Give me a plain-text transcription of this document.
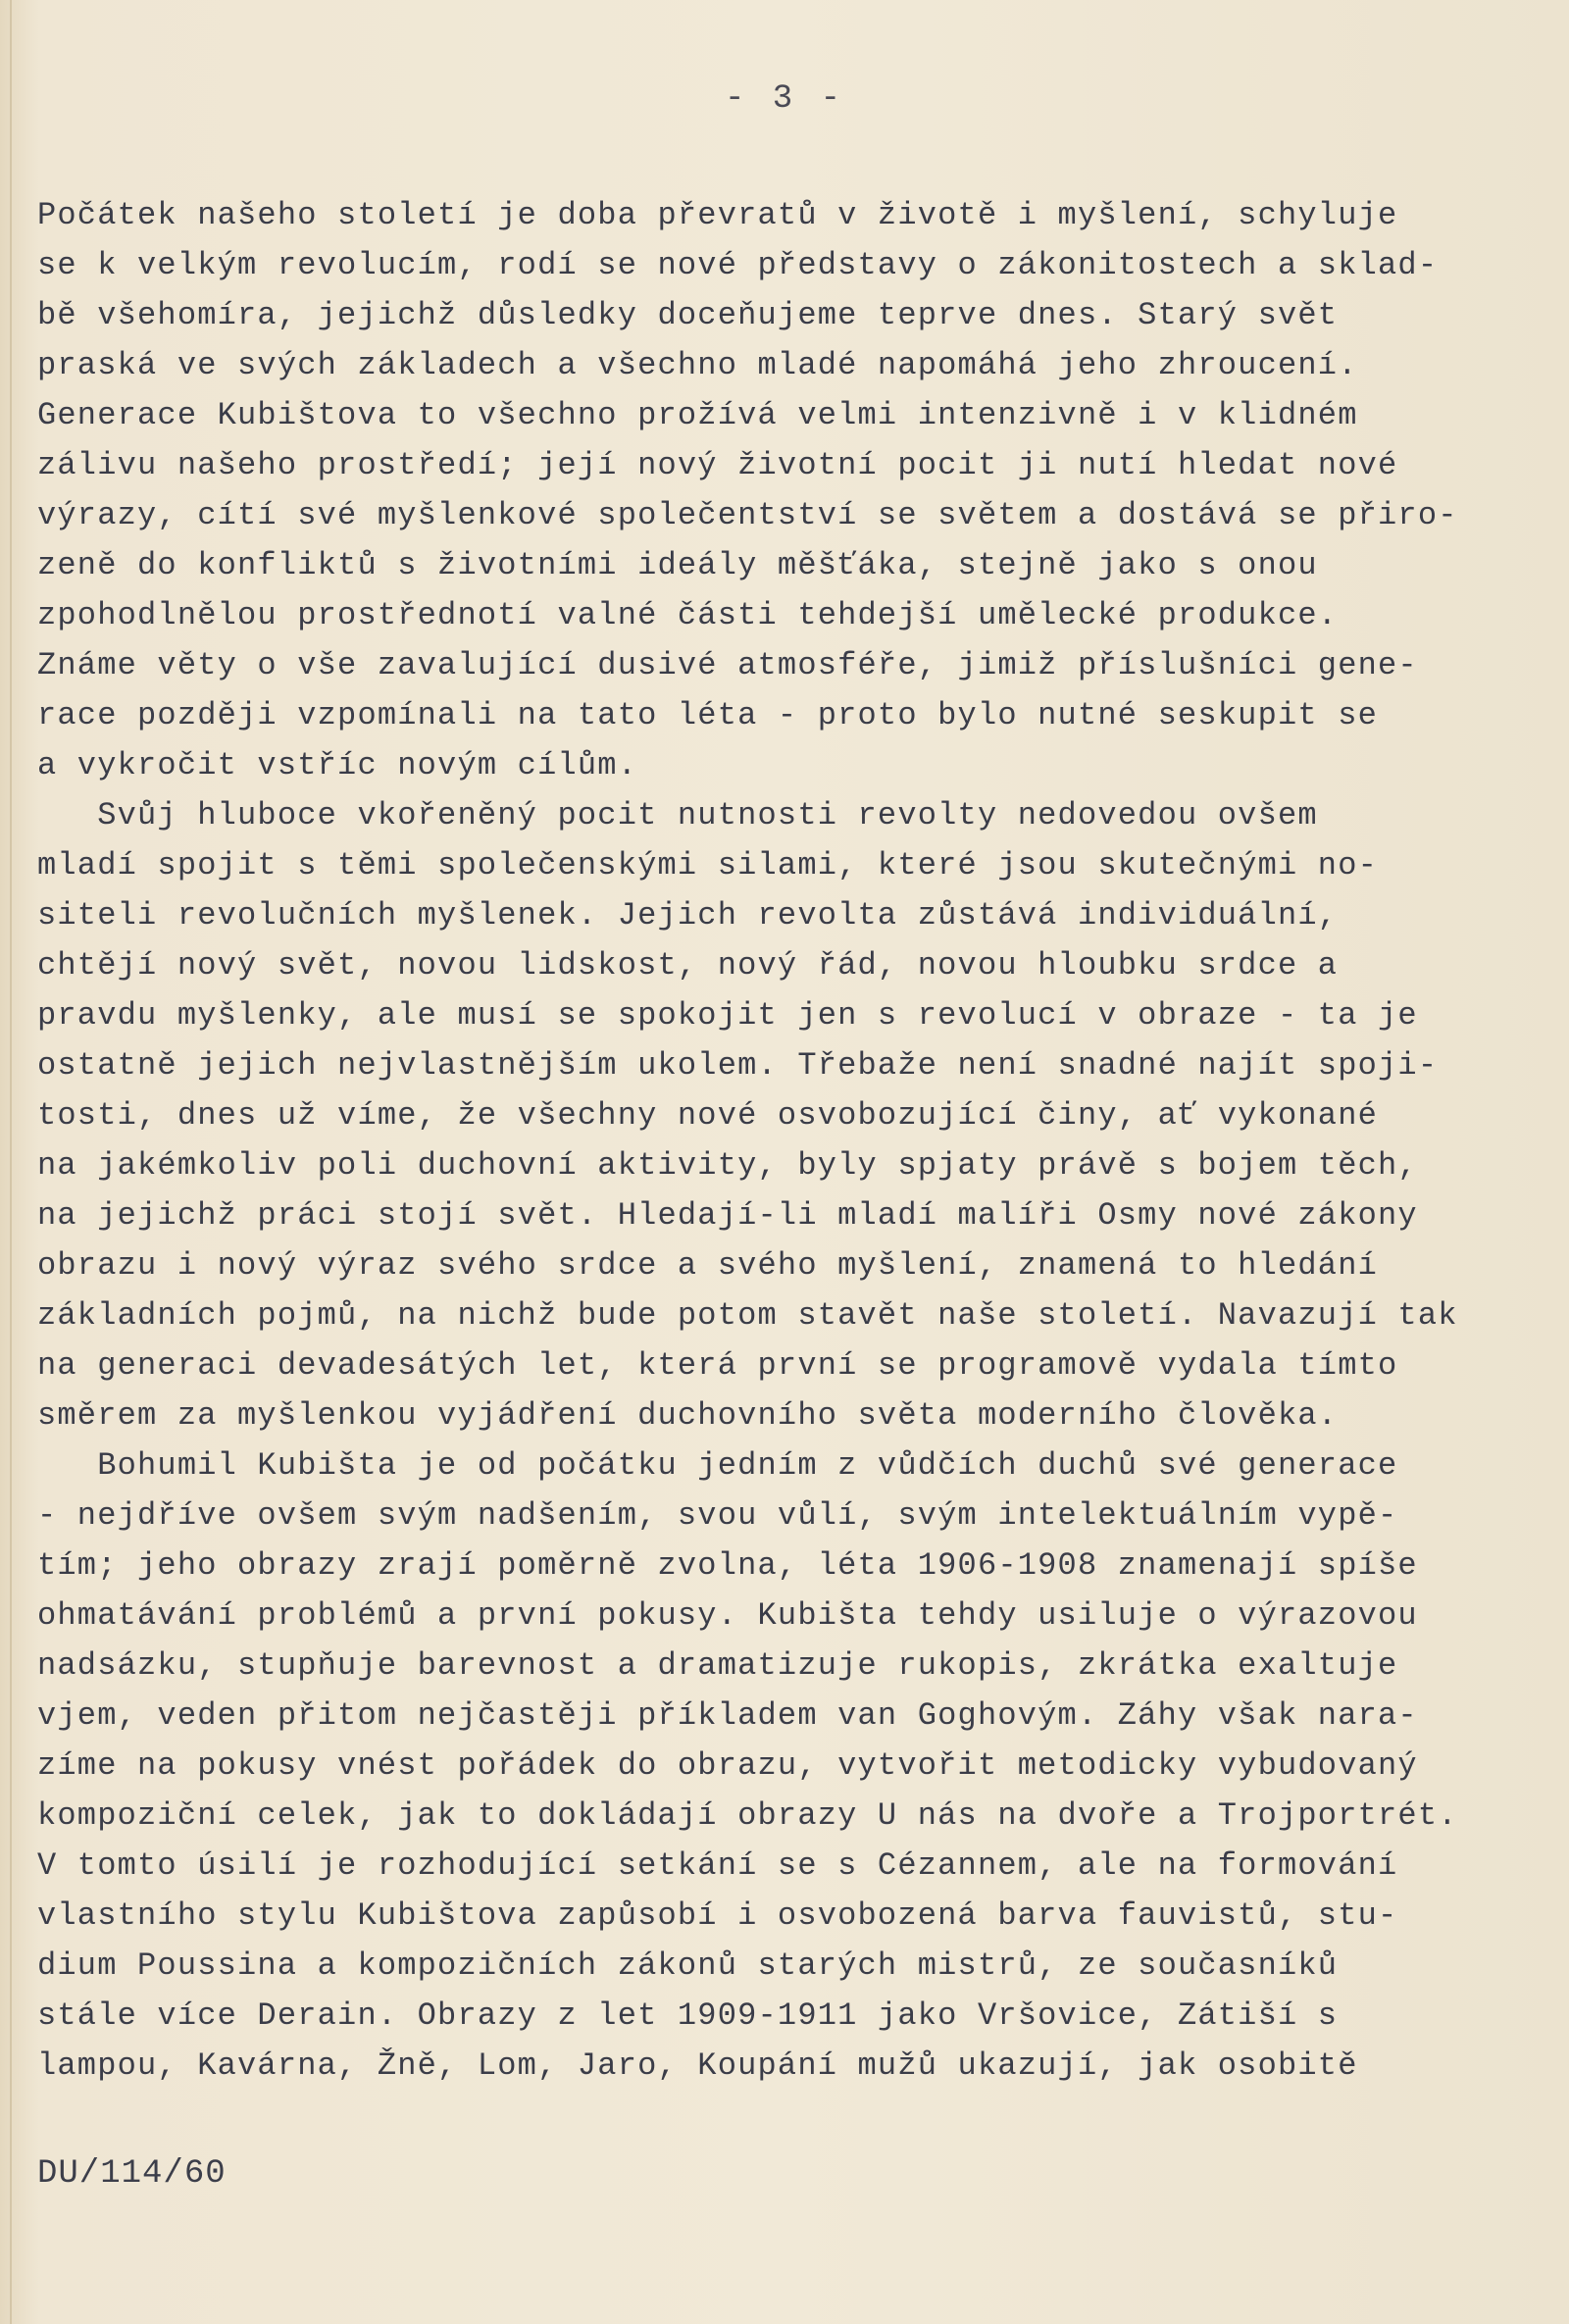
- 3 -
Počátek našeho století je doba převratů v životě i myšlení, schyluje
se k velkým revolucím, rodí se nové představy o zákonitostech a sklad-
bě všehomíra, jejichž důsledky doceňujeme teprve dnes. Starý svět
praská ve svých základech a všechno mladé napomáhá jeho zhroucení.
Generace Kubištova to všechno prožívá velmi intenzivně i v klidném
zálivu našeho prostředí; její nový životní pocit ji nutí hledat nové
výrazy, cítí své myšlenkové společentství se světem a dostává se přiro-
zeně do konfliktů s životními ideály měšťáka, stejně jako s onou
zpohodlnělou prostřednotí valné části tehdejší umělecké produkce.
Známe věty o vše zavalující dusivé atmosféře, jimiž příslušníci gene-
race později vzpomínali na tato léta - proto bylo nutné seskupit se
a vykročit vstříc novým cílům.
Svůj hluboce vkořeněný pocit nutnosti revolty nedovedou ovšem
mladí spojit s těmi společenskými silami, které jsou skutečnými no-
siteli revolučních myšlenek. Jejich revolta zůstává individuální,
chtějí nový svět, novou lidskost, nový řád, novou hloubku srdce a
pravdu myšlenky, ale musí se spokojit jen s revolucí v obraze - ta je
ostatně jejich nejvlastnějším ukolem. Třebaže není snadné najít spoji-
tosti, dnes už víme, že všechny nové osvobozující činy, ať vykonané
na jakémkoliv poli duchovní aktivity, byly spjaty právě s bojem těch,
na jejichž práci stojí svět. Hledají-li mladí malíři Osmy nové zákony
obrazu i nový výraz svého srdce a svého myšlení, znamená to hledání
základních pojmů, na nichž bude potom stavět naše století. Navazují tak
na generaci devadesátých let, která první se programově vydala tímto
směrem za myšlenkou vyjádření duchovního světa moderního člověka.
Bohumil Kubišta je od počátku jedním z vůdčích duchů své generace
- nejdříve ovšem svým nadšením, svou vůlí, svým intelektuálním vypě-
tím; jeho obrazy zrají poměrně zvolna, léta 1906-1908 znamenají spíše
ohmatávání problémů a první pokusy. Kubišta tehdy usiluje o výrazovou
nadsázku, stupňuje barevnost a dramatizuje rukopis, zkrátka exaltuje
vjem, veden přitom nejčastěji příkladem van Goghovým. Záhy však nara-
zíme na pokusy vnést pořádek do obrazu, vytvořit metodicky vybudovaný
kompoziční celek, jak to dokládají obrazy U nás na dvoře a Trojportrét.
V tomto úsilí je rozhodující setkání se s Cézannem, ale na formování
vlastního stylu Kubištova zapůsobí i osvobozená barva fauvistů, stu-
dium Poussina a kompozičních zákonů starých mistrů, ze současníků
stále více Derain. Obrazy z let 1909-1911 jako Vršovice, Zátiší s
lampou, Kavárna, Žně, Lom, Jaro, Koupání mužů ukazují, jak osobitě
DU/114/60
